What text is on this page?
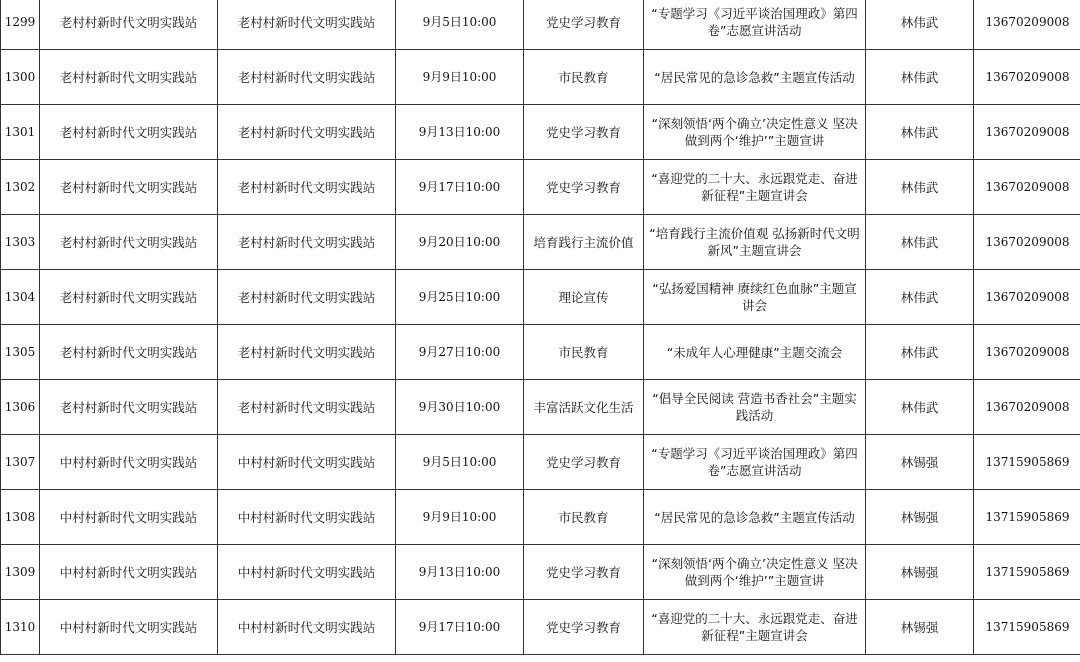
1299	老村村新时代文明实践站	老村村新时代文明实践站	9月5日10:00	党史学习教育	“专题学习《习近平谈治国理政》第四卷”志愿宣讲活动	林伟武	13670209008
1300	老村村新时代文明实践站	老村村新时代文明实践站	9月9日10:00	市民教育	“居民常见的急诊急救”主题宣传活动	林伟武	13670209008
1301	老村村新时代文明实践站	老村村新时代文明实践站	9月13日10:00	党史学习教育	“深刻领悟‘两个确立’决定性意义 坚决做到两个‘维护’”主题宣讲	林伟武	13670209008
1302	老村村新时代文明实践站	老村村新时代文明实践站	9月17日10:00	党史学习教育	“喜迎党的二十大、永远跟党走、奋进新征程”主题宣讲会	林伟武	13670209008
1303	老村村新时代文明实践站	老村村新时代文明实践站	9月20日10:00	培育践行主流价值	“培育践行主流价值观 弘扬新时代文明新风”主题宣讲会	林伟武	13670209008
1304	老村村新时代文明实践站	老村村新时代文明实践站	9月25日10:00	理论宣传	“弘扬爱国精神 赓续红色血脉”主题宣讲会	林伟武	13670209008
1305	老村村新时代文明实践站	老村村新时代文明实践站	9月27日10:00	市民教育	“未成年人心理健康”主题交流会	林伟武	13670209008
1306	老村村新时代文明实践站	老村村新时代文明实践站	9月30日10:00	丰富活跃文化生活	“倡导全民阅读 营造书香社会”主题实践活动	林伟武	13670209008
1307	中村村新时代文明实践站	中村村新时代文明实践站	9月5日10:00	党史学习教育	“专题学习《习近平谈治国理政》第四卷”志愿宣讲活动	林锡强	13715905869
1308	中村村新时代文明实践站	中村村新时代文明实践站	9月9日10:00	市民教育	“居民常见的急诊急救”主题宣传活动	林锡强	13715905869
1309	中村村新时代文明实践站	中村村新时代文明实践站	9月13日10:00	党史学习教育	“深刻领悟‘两个确立’决定性意义 坚决做到两个‘维护’”主题宣讲	林锡强	13715905869
1310	中村村新时代文明实践站	中村村新时代文明实践站	9月17日10:00	党史学习教育	“喜迎党的二十大、永远跟党走、奋进新征程”主题宣讲会	林锡强	13715905869
